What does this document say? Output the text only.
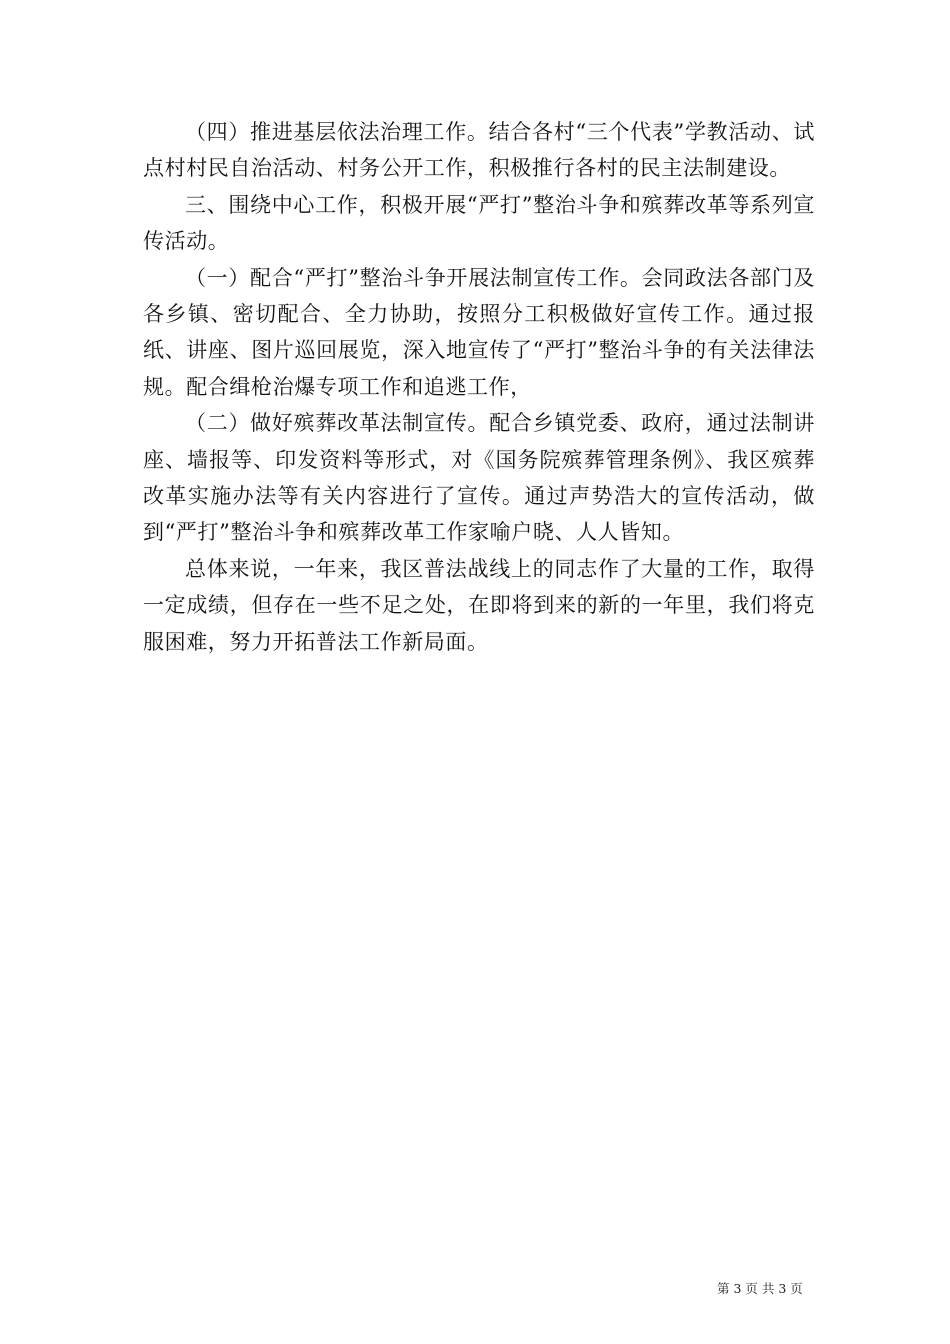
（四）推进基层依法治理工作。结合各村“三个代表”学教活动、试点村村民自治活动、村务公开工作，积极推行各村的民主法制建设。

三、围绕中心工作，积极开展“严打”整治斗争和殡葬改革等系列宣传活动。

（一）配合“严打”整治斗争开展法制宣传工作。会同政法各部门及各乡镇、密切配合、全力协助，按照分工积极做好宣传工作。通过报纸、讲座、图片巡回展览，深入地宣传了“严打”整治斗争的有关法律法规。配合缉枪治爆专项工作和追逃工作，

（二）做好殡葬改革法制宣传。配合乡镇党委、政府，通过法制讲座、墙报等、印发资料等形式，对《国务院殡葬管理条例》、我区殡葬改革实施办法等有关内容进行了宣传。通过声势浩大的宣传活动，做到“严打”整治斗争和殡葬改革工作家喻户晓、人人皆知。

总体来说，一年来，我区普法战线上的同志作了大量的工作，取得一定成绩，但存在一些不足之处，在即将到来的新的一年里，我们将克服困难，努力开拓普法工作新局面。

第 3 页 共 3 页
